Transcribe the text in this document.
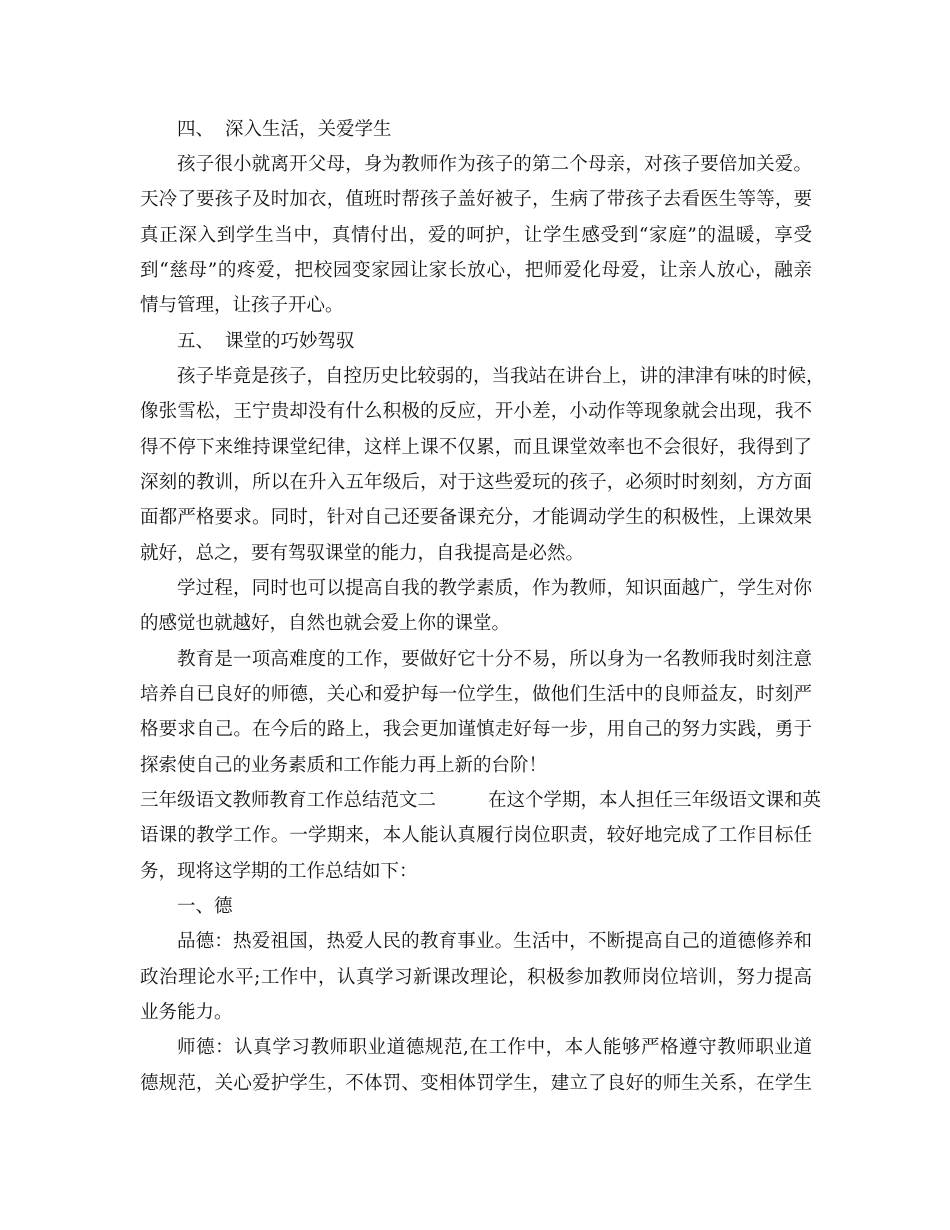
四、 深入生活，关爱学生
孩子很小就离开父母，身为教师作为孩子的第二个母亲，对孩子要倍加关爱。
天冷了要孩子及时加衣，值班时帮孩子盖好被子，生病了带孩子去看医生等等，要
真正深入到学生当中，真情付出，爱的呵护，让学生感受到“家庭”的温暖，享受
到“慈母”的疼爱，把校园变家园让家长放心，把师爱化母爱，让亲人放心，融亲
情与管理，让孩子开心。
五、 课堂的巧妙驾驭
孩子毕竟是孩子，自控历史比较弱的，当我站在讲台上，讲的津津有味的时候，
像张雪松，王宁贵却没有什么积极的反应，开小差，小动作等现象就会出现，我不
得不停下来维持课堂纪律，这样上课不仅累，而且课堂效率也不会很好，我得到了
深刻的教训，所以在升入五年级后，对于这些爱玩的孩子，必须时时刻刻，方方面
面都严格要求。同时，针对自己还要备课充分，才能调动学生的积极性，上课效果
就好，总之，要有驾驭课堂的能力，自我提高是必然。
学过程，同时也可以提高自我的教学素质，作为教师，知识面越广，学生对你
的感觉也就越好，自然也就会爱上你的课堂。
教育是一项高难度的工作，要做好它十分不易，所以身为一名教师我时刻注意
培养自已良好的师德，关心和爱护每一位学生，做他们生活中的良师益友，时刻严
格要求自己。在今后的路上，我会更加谨慎走好每一步，用自己的努力实践，勇于
探索使自己的业务素质和工作能力再上新的台阶！
三年级语文教师教育工作总结范文二	在这个学期，本人担任三年级语文课和英
语课的教学工作。一学期来，本人能认真履行岗位职责，较好地完成了工作目标任
务，现将这学期的工作总结如下：
一、德
品德：热爱祖国，热爱人民的教育事业。生活中，不断提高自己的道德修养和
政治理论水平;工作中，认真学习新课改理论，积极参加教师岗位培训，努力提高
业务能力。
师德：认真学习教师职业道德规范,在工作中，本人能够严格遵守教师职业道
德规范，关心爱护学生，不体罚、变相体罚学生，建立了良好的师生关系，在学生
